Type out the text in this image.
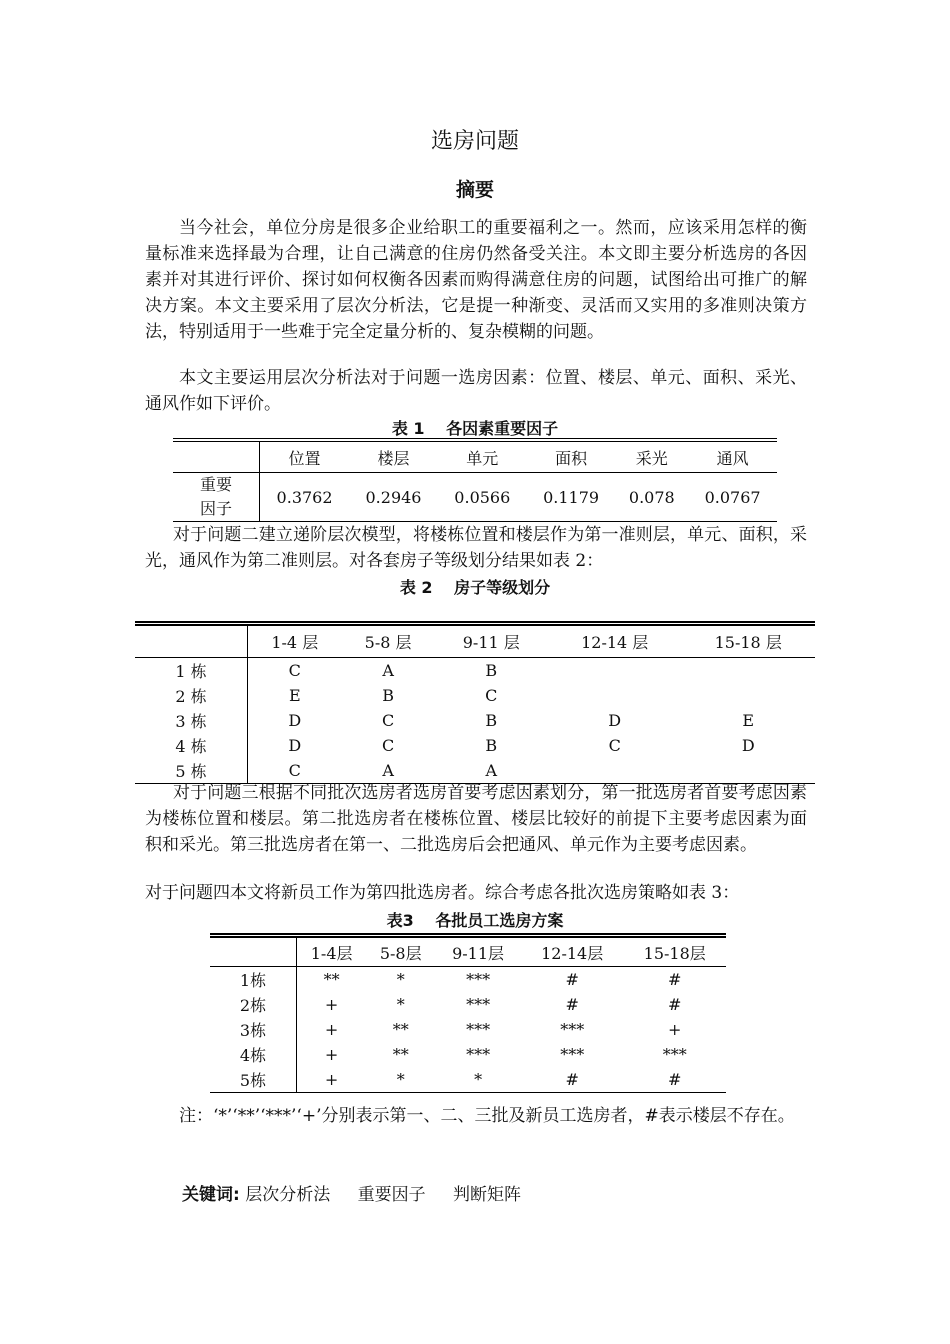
选房问题
摘要

当今社会，单位分房是很多企业给职工的重要福利之一。然而，应该采用怎样的衡量标准来选择最为合理，让自己满意的住房仍然备受关注。本文即主要分析选房的各因素并对其进行评价、探讨如何权衡各因素而购得满意住房的问题，试图给出可推广的解决方案。本文主要采用了层次分析法，它是提一种渐变、灵活而又实用的多准则决策方法，特别适用于一些难于完全定量分析的、复杂模糊的问题。

本文主要运用层次分析法对于问题一选房因素：位置、楼层、单元、面积、采光、通风作如下评价。

表 1　 各因素重要因子
	位置	楼层	单元	面积	采光	通风

重要
因子	0.3762	0.2946	0.0566	0.1179	0.078	0.0767

对于问题二建立递阶层次模型，将楼栋位置和楼层作为第一准则层，单元、面积，采光，通风作为第二准则层。对各套房子等级划分结果如表 2：

表 2　 房子等级划分
	1-4 层	5-8 层	9-11 层	12-14 层	15-18 层
1 栋	C	A	B		
2 栋	E	B	C		
3 栋	D	C	B	D	E
4 栋	D	C	B	C	D
5 栋	C	A	A		

对于问题三根据不同批次选房者选房首要考虑因素划分，第一批选房者首要考虑因素为楼栋位置和楼层。第二批选房者在楼栋位置、楼层比较好的前提下主要考虑因素为面积和采光。第三批选房者在第一、二批选房后会把通风、单元作为主要考虑因素。

对于问题四本文将新员工作为第四批选房者。综合考虑各批次选房策略如表 3：

表3　 各批员工选房方案
	1-4层	5-8层	9-11层	12-14层	15-18层
1栋	**	*	***	#	#
2栋	+	*	***	#	#
3栋	+	**	***	***	+
4栋	+	**	***	***	***
5栋	+	*	*	#	#

注：‘*’‘**’‘***’‘+’分别表示第一、二、三批及新员工选房者，#表示楼层不存在。

关键词: 层次分析法 重要因子 判断矩阵
